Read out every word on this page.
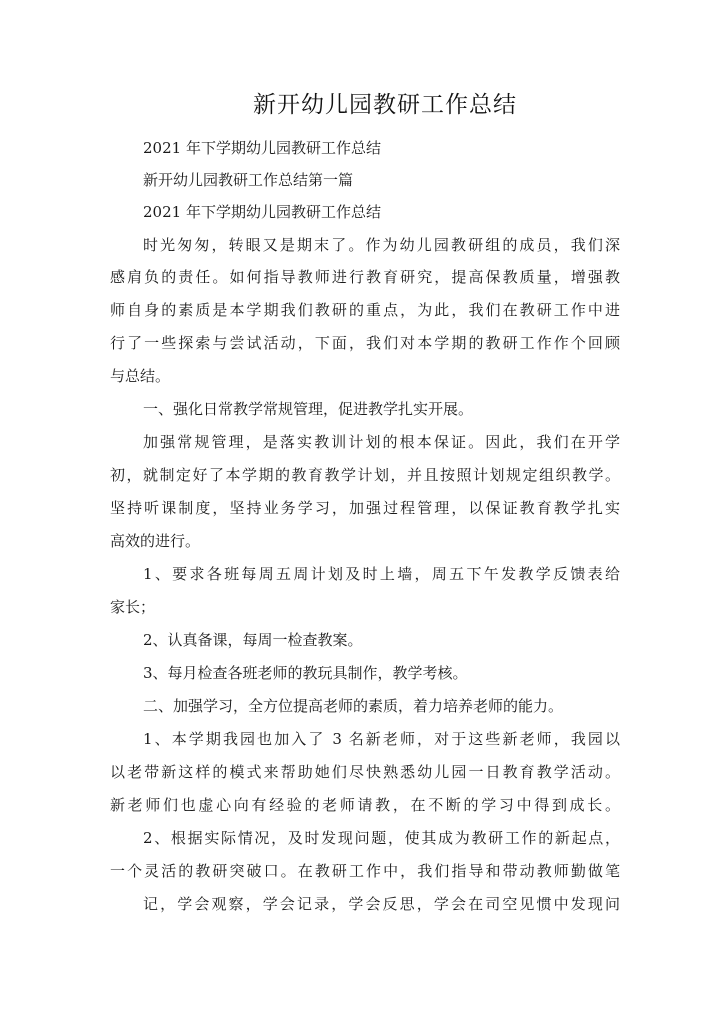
新开幼儿园教研工作总结

2021 年下学期幼儿园教研工作总结

新开幼儿园教研工作总结第一篇

2021 年下学期幼儿园教研工作总结

时光匆匆，转眼又是期末了。作为幼儿园教研组的成员，我们深

感肩负的责任。如何指导教师进行教育研究，提高保教质量，增强教

师自身的素质是本学期我们教研的重点，为此，我们在教研工作中进

行了一些探索与尝试活动，下面，我们对本学期的教研工作作个回顾

与总结。

一、强化日常教学常规管理，促进教学扎实开展。

加强常规管理，是落实教训计划的根本保证。因此，我们在开学

初，就制定好了本学期的教育教学计划，并且按照计划规定组织教学。

坚持听课制度，坚持业务学习，加强过程管理，以保证教育教学扎实

高效的进行。

1、要求各班每周五周计划及时上墙，周五下午发教学反馈表给

家长；

2、认真备课，每周一检查教案。

3、每月检查各班老师的教玩具制作，教学考核。

二、加强学习，全方位提高老师的素质，着力培养老师的能力。

1、本学期我园也加入了 3 名新老师，对于这些新老师，我园以

以老带新这样的模式来帮助她们尽快熟悉幼儿园一日教育教学活动。

新老师们也虚心向有经验的老师请教，在不断的学习中得到成长。

2、根据实际情况，及时发现问题，使其成为教研工作的新起点，

一个灵活的教研突破口。在教研工作中，我们指导和带动教师勤做笔

记，学会观察，学会记录，学会反思，学会在司空见惯中发现问
